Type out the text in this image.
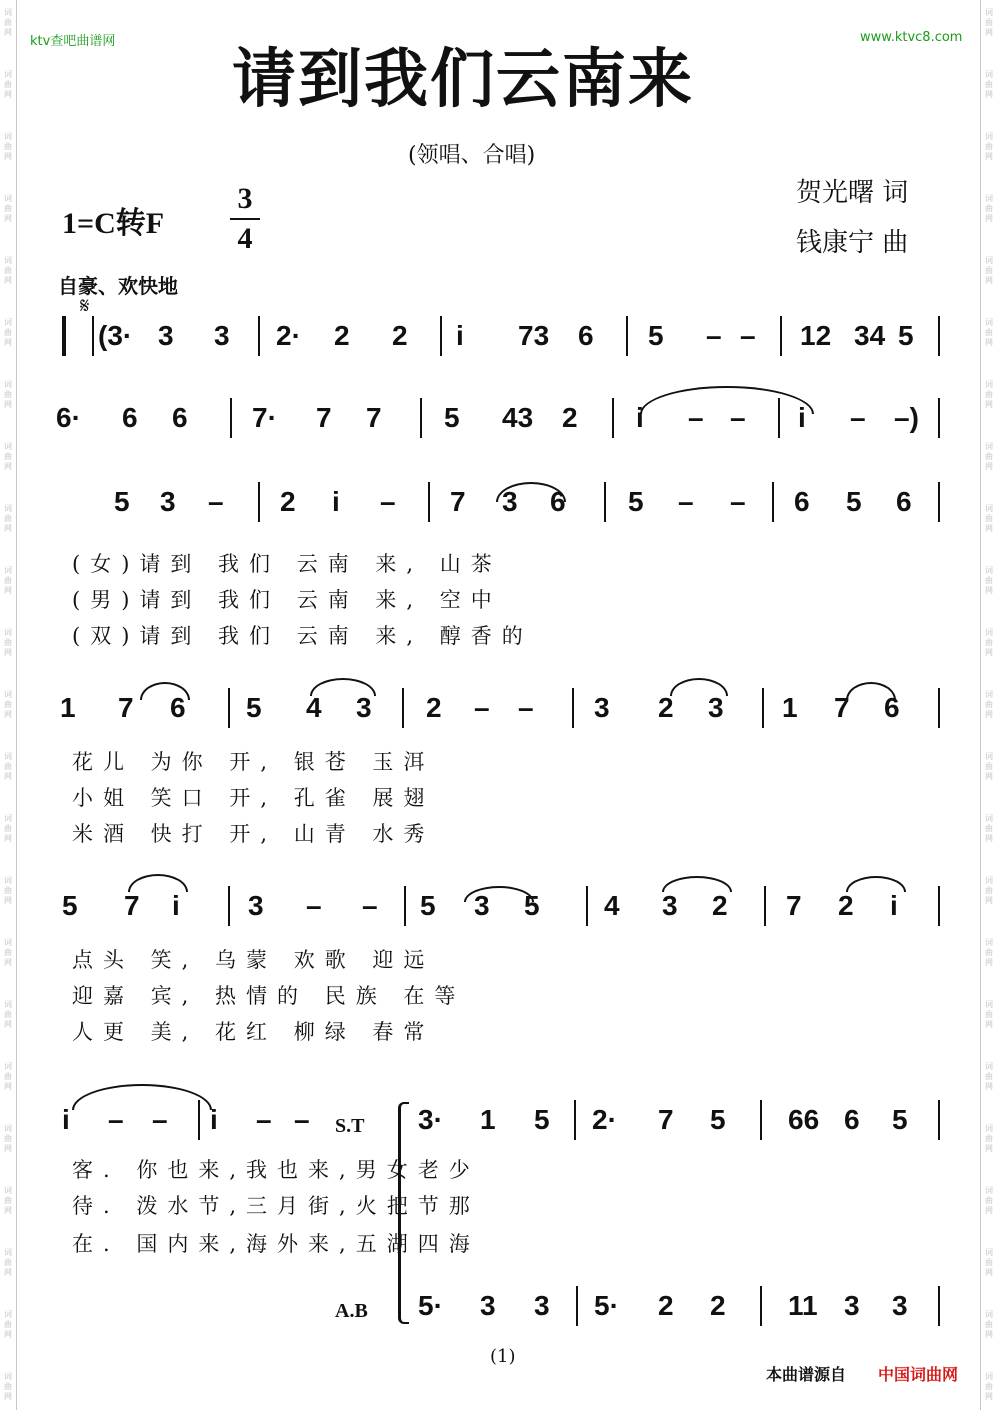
词
曲
网
词
曲
网
词
曲
网
词
曲
网
词
曲
网
词
曲
网
词
曲
网
词
曲
网
词
曲
网
词
曲
网
词
曲
网
词
曲
网
词
曲
网
词
曲
网
词
曲
网
词
曲
网
词
曲
网
词
曲
网
词
曲
网
词
曲
网
词
曲
网
词
曲
网
词
曲
网
词
曲
网
词
曲
网
词
曲
网
词
曲
网
词
曲
网
词
曲
网
词
曲
网
词
曲
网
词
曲
网
词
曲
网
词
曲
网
词
曲
网
词
曲
网
词
曲
网
词
曲
网
词
曲
网
词
曲
网
词
曲
网
词
曲
网
词
曲
网
词
曲
网
词
曲
网
词
曲
网
ktv查吧曲谱网	www.ktvc8.com
请到我们云南来
(领唱、合唱)
贺光曙 词
钱康宁 曲
1=C转F
3
4
自豪、欢快地
𝄋
(3· 3 3 2· 2 2 i 73 6 5 – – 12 34 5
6· 6 6 7· 7 7 5 43 2 i – – i – –)
5 3 – 2 i – 7 3 6 5 – – 6 5 6
(女)请到 我们 云南 来, 山茶
(男)请到 我们 云南 来, 空中
(双)请到 我们 云南 来, 醇香的
1 7 6 5 4 3 2 – – 3 2 3 1 7 6
花儿 为你 开, 银苍 玉洱
小姐 笑口 开, 孔雀 展翅
米酒 快打 开, 山青 水秀
5 7 i 3 – – 5 3 5 4 3 2 7 2 i
点头 笑, 乌蒙 欢歌 迎远
迎嘉 宾, 热情的 民族 在等
人更 美, 花红 柳绿 春常
i – – i – –	3· 1 5 2· 7 5 66 6 5
客. 你也来,我也来,男女老少
待. 泼水节,三月街,火把节那
在. 国内来,海外来,五湖四海
5· 3 3 5· 2 2 11 3 3
S.T
A.B
(1)
本曲谱源自 中国词曲网
